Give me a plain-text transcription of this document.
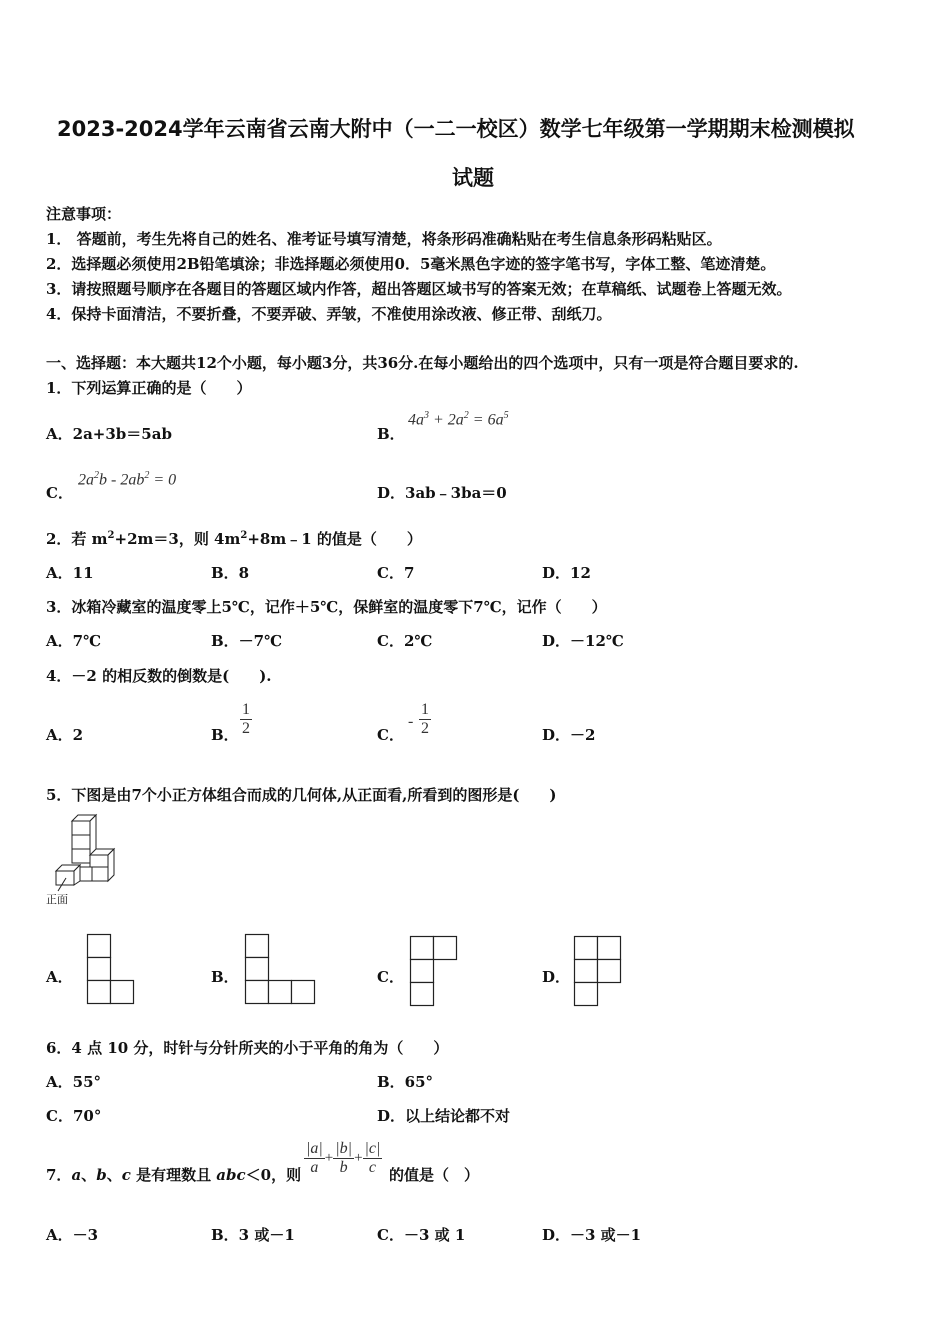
2023-2024学年云南省云南大附中（一二一校区）数学七年级第一学期期末检测模拟
试题
注意事项：
1． 答题前，考生先将自己的姓名、准考证号填写清楚，将条形码准确粘贴在考生信息条形码粘贴区。
2．选择题必须使用2B铅笔填涂；非选择题必须使用0．5毫米黑色字迹的签字笔书写，字体工整、笔迹清楚。
3．请按照题号顺序在各题目的答题区域内作答，超出答题区域书写的答案无效；在草稿纸、试题卷上答题无效。
4．保持卡面清洁，不要折叠，不要弄破、弄皱，不准使用涂改液、修正带、刮纸刀。
一、选择题：本大题共12个小题，每小题3分，共36分.在每小题给出的四个选项中，只有一项是符合题目要求的.
1．下列运算正确的是（　　）
A．2a+3b＝5ab	B．
$4a^3 + 2a^2 = 6a^5$
C．
$2a^2b - 2ab^2 = 0$
D．3ab﹣3ba＝0
2．若 $m^2+2m=3$，则 $4m^2+8m﹣1$ 的值是（　　）
A．11	B．8	C．7	D．12
3．冰箱冷藏室的温度零上5℃，记作＋5℃，保鲜室的温度零下7℃，记作（　　）
A．7℃	B．－7℃	C．2℃	D．－12℃
4．－2 的相反数的倒数是(　　).
A．2	B． $\frac{1}{2}$	C．
- $\frac{1}{2}$	D．－2
5．下图是由7个小正方体组合而成的几何体,从正面看,所看到的图形是(　　)
正面
A．	B．	C．	D．
6．4 点 10 分，时针与分针所夹的小于平角的角为（　　）
A．55°	B．65°
C．70°	D．以上结论都不对
7．a、b、c 是有理数且 abc＜0，则 $\frac{|a|}{a} + \frac{|b|}{b} + \frac{|c|}{c}$ 的值是（　）
A．－3	B．3 或－1	C．－3 或 1	D．－3 或－1
